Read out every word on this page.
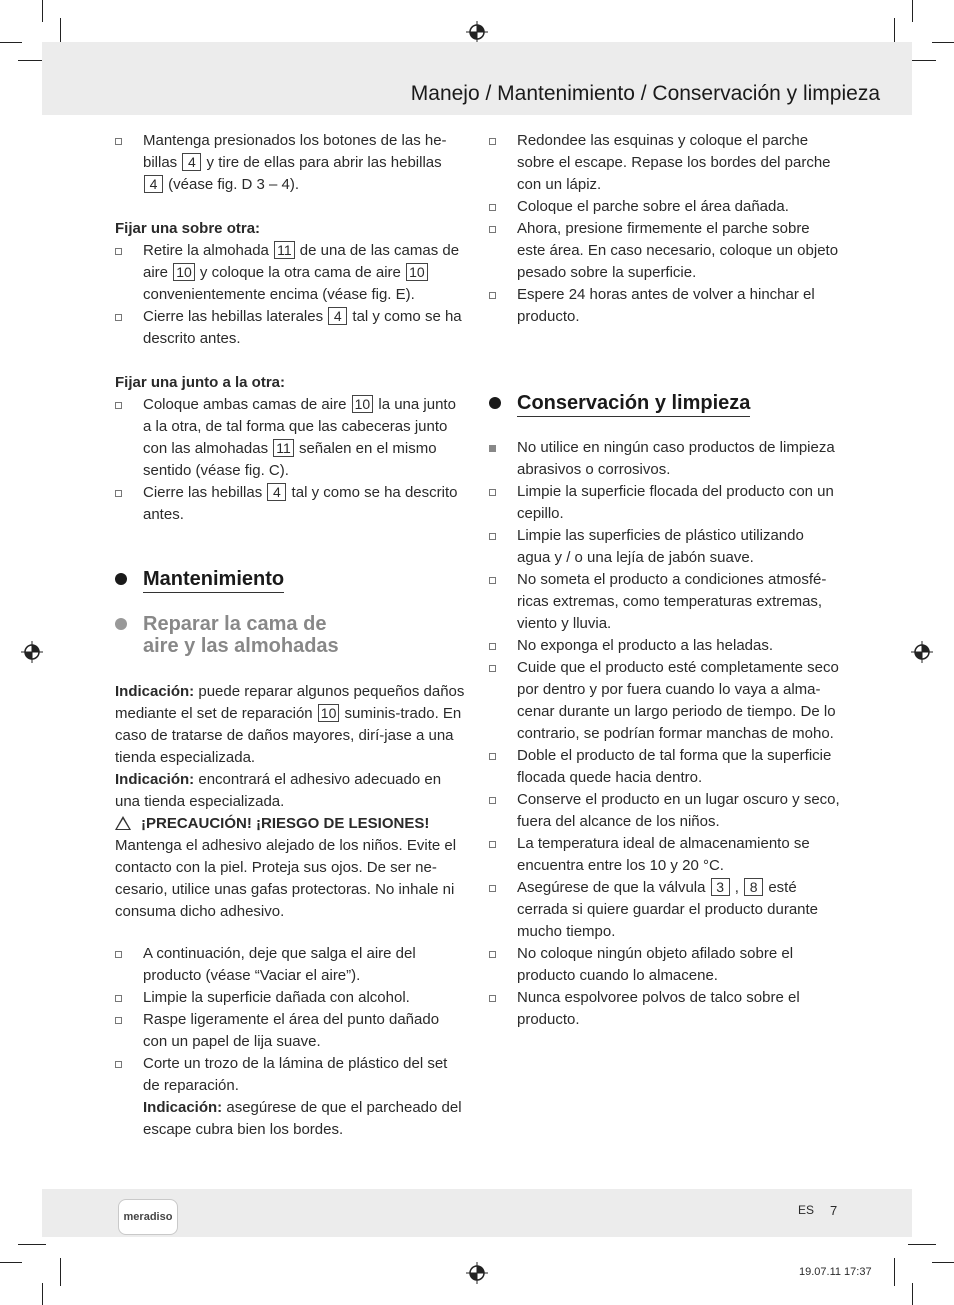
Manejo / Mantenimiento / Conservación y limpieza
Mantenga presionados los botones de las he-billas 4 y tire de ellas para abrir las hebillas 4 (véase fig. D 3 – 4).
Fijar una sobre otra:
Retire la almohada 11 de una de las camas de aire 10 y coloque la otra cama de aire 10 convenientemente encima (véase fig. E).
Cierre las hebillas laterales 4 tal y como se ha descrito antes.
Fijar una junto a la otra:
Coloque ambas camas de aire 10 la una junto a la otra, de tal forma que las cabeceras junto con las almohadas 11 señalen en el mismo sentido (véase fig. C).
Cierre las hebillas 4 tal y como se ha descrito antes.
Mantenimiento
Reparar la cama de
aire y las almohadas
Indicación: puede reparar algunos pequeños daños mediante el set de reparación 10 suminis-trado. En caso de tratarse de daños mayores, dirí-jase a una tienda especializada.
Indicación: encontrará el adhesivo adecuado en una tienda especializada.
¡PRECAUCIÓN! ¡RIESGO DE LESIONES!
Mantenga el adhesivo alejado de los niños. Evite el contacto con la piel. Proteja sus ojos. De ser ne-cesario, utilice unas gafas protectoras. No inhale ni consuma dicho adhesivo.
A continuación, deje que salga el aire del producto (véase “Vaciar el aire”).
Limpie la superficie dañada con alcohol.
Raspe ligeramente el área del punto dañado con un papel de lija suave.
Corte un trozo de la lámina de plástico del set de reparación.
Indicación: asegúrese de que el parcheado del escape cubra bien los bordes.
Redondee las esquinas y coloque el parche sobre el escape. Repase los bordes del parche con un lápiz.
Coloque el parche sobre el área dañada.
Ahora, presione firmemente el parche sobre este área. En caso necesario, coloque un objeto pesado sobre la superficie.
Espere 24 horas antes de volver a hinchar el producto.
Conservación y limpieza
No utilice en ningún caso productos de limpieza abrasivos o corrosivos.
Limpie la superficie flocada del producto con un cepillo.
Limpie las superficies de plástico utilizando agua y / o una lejía de jabón suave.
No someta el producto a condiciones atmosfé-ricas extremas, como temperaturas extremas, viento y lluvia.
No exponga el producto a las heladas.
Cuide que el producto esté completamente seco por dentro y por fuera cuando lo vaya a alma-cenar durante un largo periodo de tiempo. De lo contrario, se podrían formar manchas de moho.
Doble el producto de tal forma que la superficie flocada quede hacia dentro.
Conserve el producto en un lugar oscuro y seco, fuera del alcance de los niños.
La temperatura ideal de almacenamiento se encuentra entre los 10 y 20 °C.
Asegúrese de que la válvula 3 , 8 esté cerrada si quiere guardar el producto durante mucho tiempo.
No coloque ningún objeto afilado sobre el producto cuando lo almacene.
Nunca espolvoree polvos de talco sobre el producto.
meradiso	ES 7
19.07.11 17:37
